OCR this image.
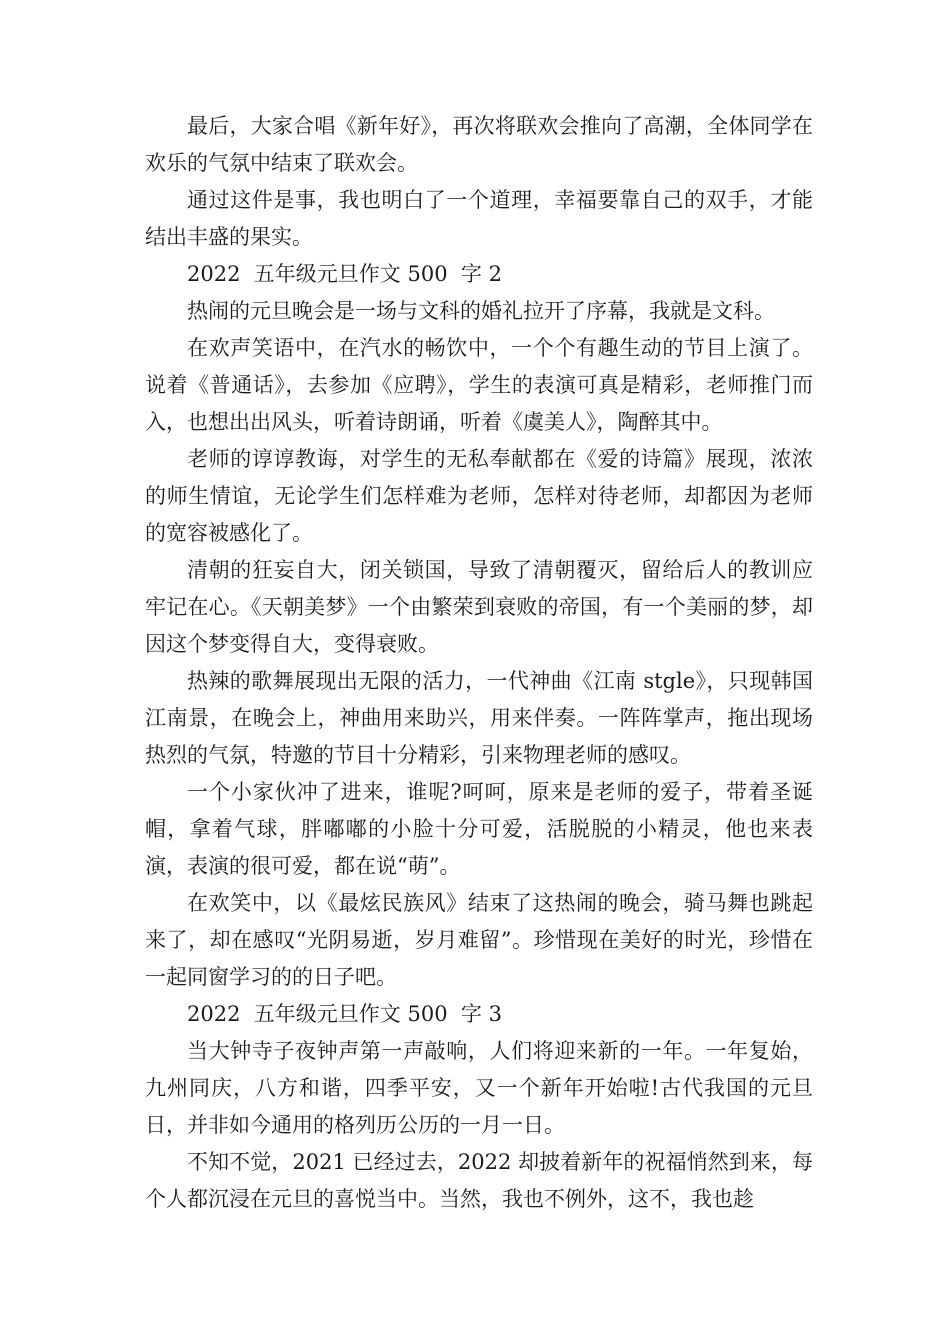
最后，大家合唱《新年好》，再次将联欢会推向了高潮，全体同学在欢乐的气氛中结束了联欢会。

通过这件是事，我也明白了一个道理，幸福要靠自己的双手，才能结出丰盛的果实。

2022  五年级元旦作文 500  字 2

热闹的元旦晚会是一场与文科的婚礼拉开了序幕，我就是文科。

在欢声笑语中，在汽水的畅饮中，一个个有趣生动的节目上演了。说着《普通话》，去参加《应聘》，学生的表演可真是精彩，老师推门而入，也想出出风头，听着诗朗诵，听着《虞美人》，陶醉其中。

老师的谆谆教诲，对学生的无私奉献都在《爱的诗篇》展现，浓浓的师生情谊，无论学生们怎样难为老师，怎样对待老师，却都因为老师的宽容被感化了。

清朝的狂妄自大，闭关锁国，导致了清朝覆灭，留给后人的教训应牢记在心。《天朝美梦》一个由繁荣到衰败的帝国，有一个美丽的梦，却因这个梦变得自大，变得衰败。

热辣的歌舞展现出无限的活力，一代神曲《江南 stgle》，只现韩国江南景，在晚会上，神曲用来助兴，用来伴奏。一阵阵掌声，拖出现场热烈的气氛，特邀的节目十分精彩，引来物理老师的感叹。

一个小家伙冲了进来，谁呢?呵呵，原来是老师的爱子，带着圣诞帽，拿着气球，胖嘟嘟的小脸十分可爱，活脱脱的小精灵，他也来表演，表演的很可爱，都在说“萌”。

在欢笑中，以《最炫民族风》结束了这热闹的晚会，骑马舞也跳起来了，却在感叹“光阴易逝，岁月难留”。珍惜现在美好的时光，珍惜在一起同窗学习的的日子吧。

2022  五年级元旦作文 500  字 3

当大钟寺子夜钟声第一声敲响，人们将迎来新的一年。一年复始，九州同庆，八方和谐，四季平安，又一个新年开始啦!古代我国的元旦日，并非如今通用的格列历公历的一月一日。

不知不觉，2021 已经过去，2022 却披着新年的祝福悄然到来，每个人都沉浸在元旦的喜悦当中。当然，我也不例外，这不，我也趁
